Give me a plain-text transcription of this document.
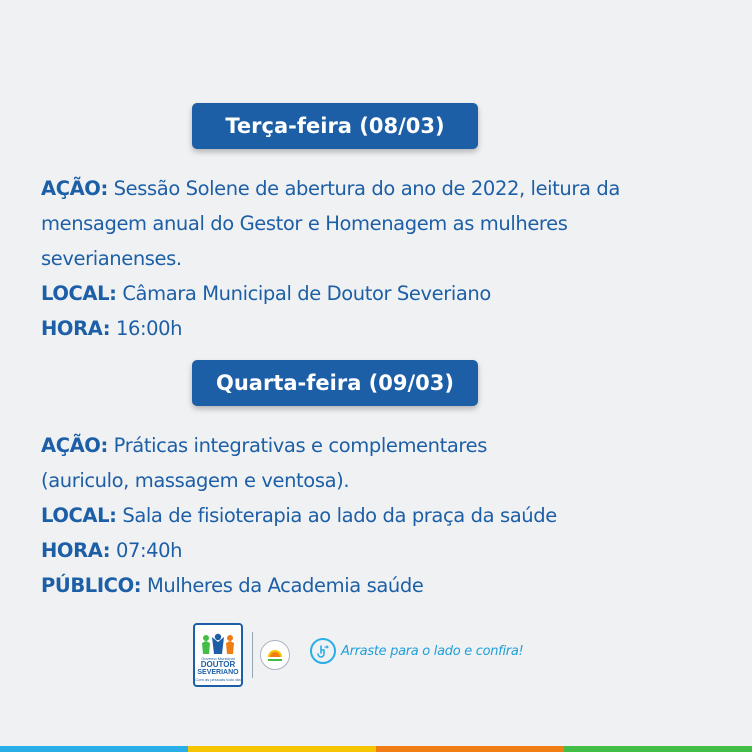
Terça-feira (08/03)
AÇÃO: Sessão Solene de abertura do ano de 2022, leitura da
mensagem anual do Gestor e Homenagem as mulheres
severianenses.
LOCAL: Câmara Municipal de Doutor Severiano
HORA: 16:00h
Quarta-feira (09/03)
AÇÃO: Práticas integrativas e complementares
(auriculo, massagem e ventosa).
LOCAL: Sala de fisioterapia ao lado da praça da saúde
HORA: 07:40h
PÚBLICO: Mulheres da Academia saúde
Governo Municipal
DOUTOR
SEVERIANO
Com as pessoas todo dia
Arraste para o lado e confira!
